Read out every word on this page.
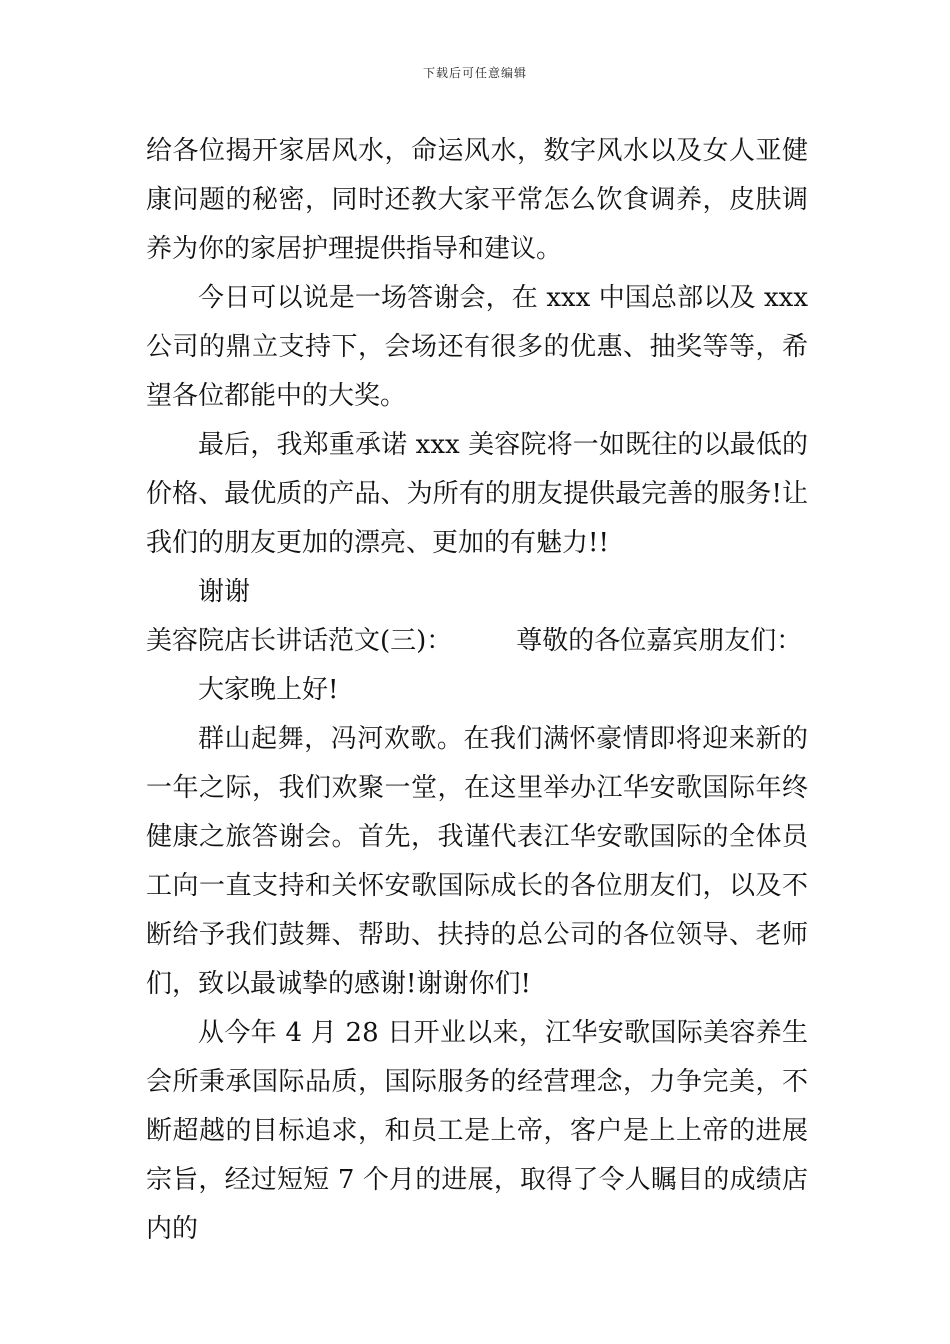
下载后可任意编辑

给各位揭开家居风水，命运风水，数字风水以及女人亚健康问题的秘密，同时还教大家平常怎么饮食调养，皮肤调养为你的家居护理提供指导和建议。

今日可以说是一场答谢会，在 xxx 中国总部以及 xxx 公司的鼎立支持下，会场还有很多的优惠、抽奖等等，希望各位都能中的大奖。

最后，我郑重承诺 xxx 美容院将一如既往的以最低的价格、最优质的产品、为所有的朋友提供最完善的服务!让我们的朋友更加的漂亮、更加的有魅力!!

谢谢

美容院店长讲话范文(三)： 尊敬的各位嘉宾朋友们：

大家晚上好!

群山起舞，冯河欢歌。在我们满怀豪情即将迎来新的一年之际，我们欢聚一堂，在这里举办江华安歌国际年终健康之旅答谢会。首先，我谨代表江华安歌国际的全体员工向一直支持和关怀安歌国际成长的各位朋友们，以及不断给予我们鼓舞、帮助、扶持的总公司的各位领导、老师们，致以最诚挚的感谢!谢谢你们!

从今年 4 月 28 日开业以来，江华安歌国际美容养生会所秉承国际品质，国际服务的经营理念，力争完美，不断超越的目标追求，和员工是上帝，客户是上上帝的进展宗旨，经过短短 7 个月的进展，取得了令人瞩目的成绩店内的
